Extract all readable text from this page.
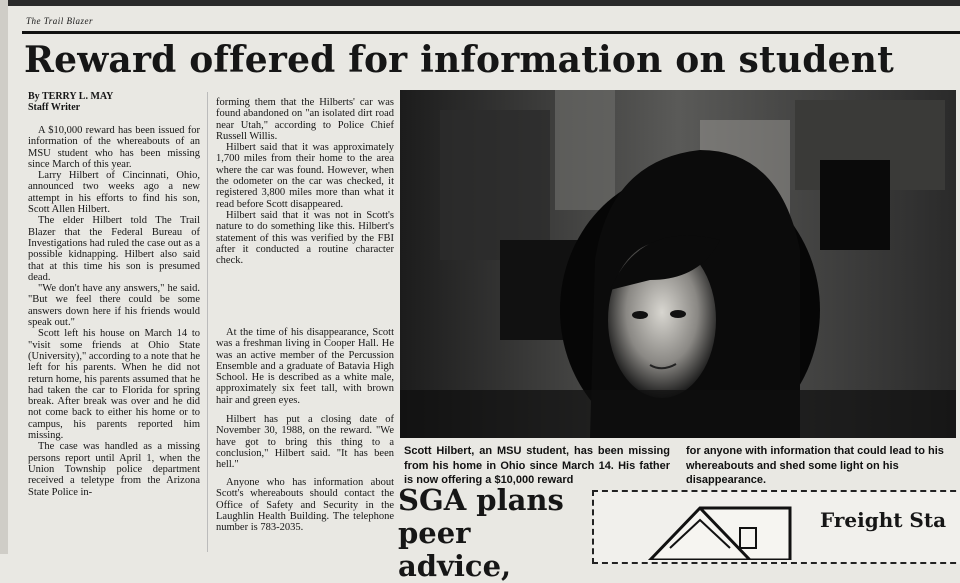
The Trail Blazer
Reward offered for information on student
By TERRY L. MAY
Staff Writer

A $10,000 reward has been issued for information of the whereabouts of an MSU student who has been missing since March of this year.

Larry Hilbert of Cincinnati, Ohio, announced two weeks ago a new attempt in his efforts to find his son, Scott Allen Hilbert.

The elder Hilbert told The Trail Blazer that the Federal Bureau of Investigations had ruled the case out as a possible kidnapping. Hilbert also said that at this time his son is presumed dead.

"We don't have any answers," he said. "But we feel there could be some answers down here if his friends would speak out."

Scott left his house on March 14 to "visit some friends at Ohio State (University)," according to a note that he left for his parents. When he did not return home, his parents assumed that he had taken the car to Florida for spring break. After break was over and he did not come back to either his home or to campus, his parents reported him missing.

The case was handled as a missing persons report until April 1, when the Union Township police department received a teletype from the Arizona State Police in-

forming them that the Hilberts' car was found abandoned on "an isolated dirt road near Utah," according to Police Chief Russell Willis.

Hilbert said that it was approximately 1,700 miles from their home to the area where the car was found. However, when the odometer on the car was checked, it registered 3,800 miles more than what it read before Scott disappeared.

Hilbert said that it was not in Scott's nature to do something like this. Hilbert's statement of this was verified by the FBI after it conducted a routine character check.

At the time of his disappearance, Scott was a freshman living in Cooper Hall. He was an active member of the Percussion Ensemble and a graduate of Batavia High School. He is described as a white male, approximately six feet tall, with brown hair and green eyes.

Hilbert has put a closing date of November 30, 1988, on the reward. "We have got to bring this thing to a conclusion," Hilbert said. "It has been hell."

Anyone who has information about Scott's whereabouts should contact the Office of Safety and Security in the Laughlin Health Building. The telephone number is 783-2035.

Scott Hilbert, an MSU student, has been missing from his home in Ohio since March 14. His father is now offering a $10,000 reward
for anyone with information that could lead to his whereabouts and shed some light on his disappearance.
SGA plans peer advice,
Freight Sta
